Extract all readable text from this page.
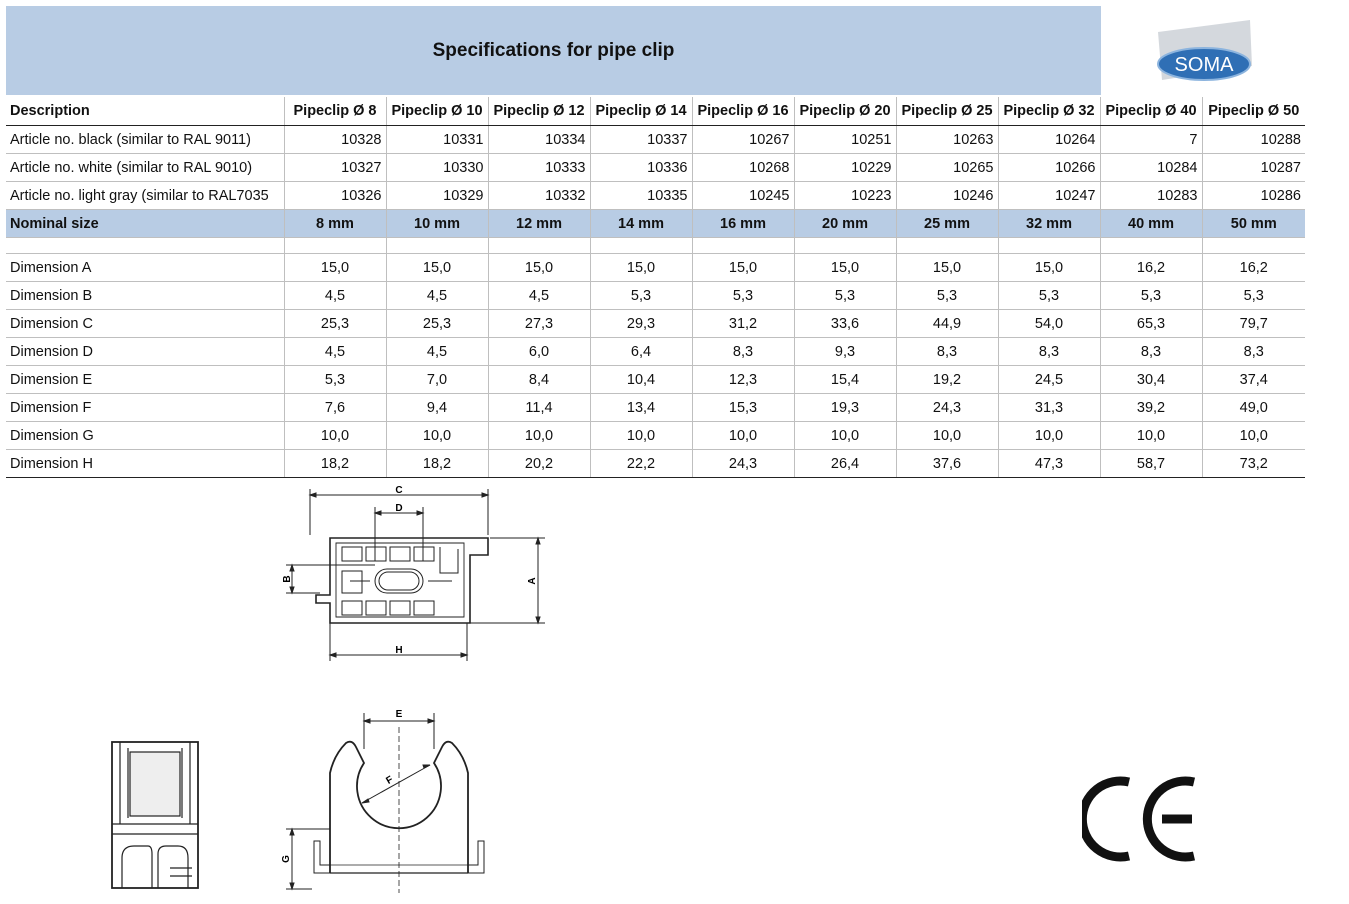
Specifications for pipe clip
SOMA
Description	Pipeclip Ø 8	Pipeclip Ø 10	Pipeclip Ø 12	Pipeclip Ø 14	Pipeclip Ø 16	Pipeclip Ø 20	Pipeclip Ø 25	Pipeclip Ø 32	Pipeclip Ø 40	Pipeclip Ø 50
Article no. black (similar to RAL 9011)	10328	10331	10334	10337	10267	10251	10263	10264	7	10288
Article no. white (similar to RAL 9010)	10327	10330	10333	10336	10268	10229	10265	10266	10284	10287
Article no. light gray (similar to RAL7035	10326	10329	10332	10335	10245	10223	10246	10247	10283	10286
Nominal size	8 mm	10 mm	12 mm	14 mm	16 mm	20 mm	25 mm	32 mm	40 mm	50 mm

Dimension A	15,0	15,0	15,0	15,0	15,0	15,0	15,0	15,0	16,2	16,2
Dimension B	4,5	4,5	4,5	5,3	5,3	5,3	5,3	5,3	5,3	5,3
Dimension C	25,3	25,3	27,3	29,3	31,2	33,6	44,9	54,0	65,3	79,7
Dimension D	4,5	4,5	6,0	6,4	8,3	9,3	8,3	8,3	8,3	8,3
Dimension E	5,3	7,0	8,4	10,4	12,3	15,4	19,2	24,5	30,4	37,4
Dimension F	7,6	9,4	11,4	13,4	15,3	19,3	24,3	31,3	39,2	49,0
Dimension G	10,0	10,0	10,0	10,0	10,0	10,0	10,0	10,0	10,0	10,0
Dimension H	18,2	18,2	20,2	22,2	24,3	26,4	37,6	47,3	58,7	73,2
C
D
A
B
H
E
F
G
